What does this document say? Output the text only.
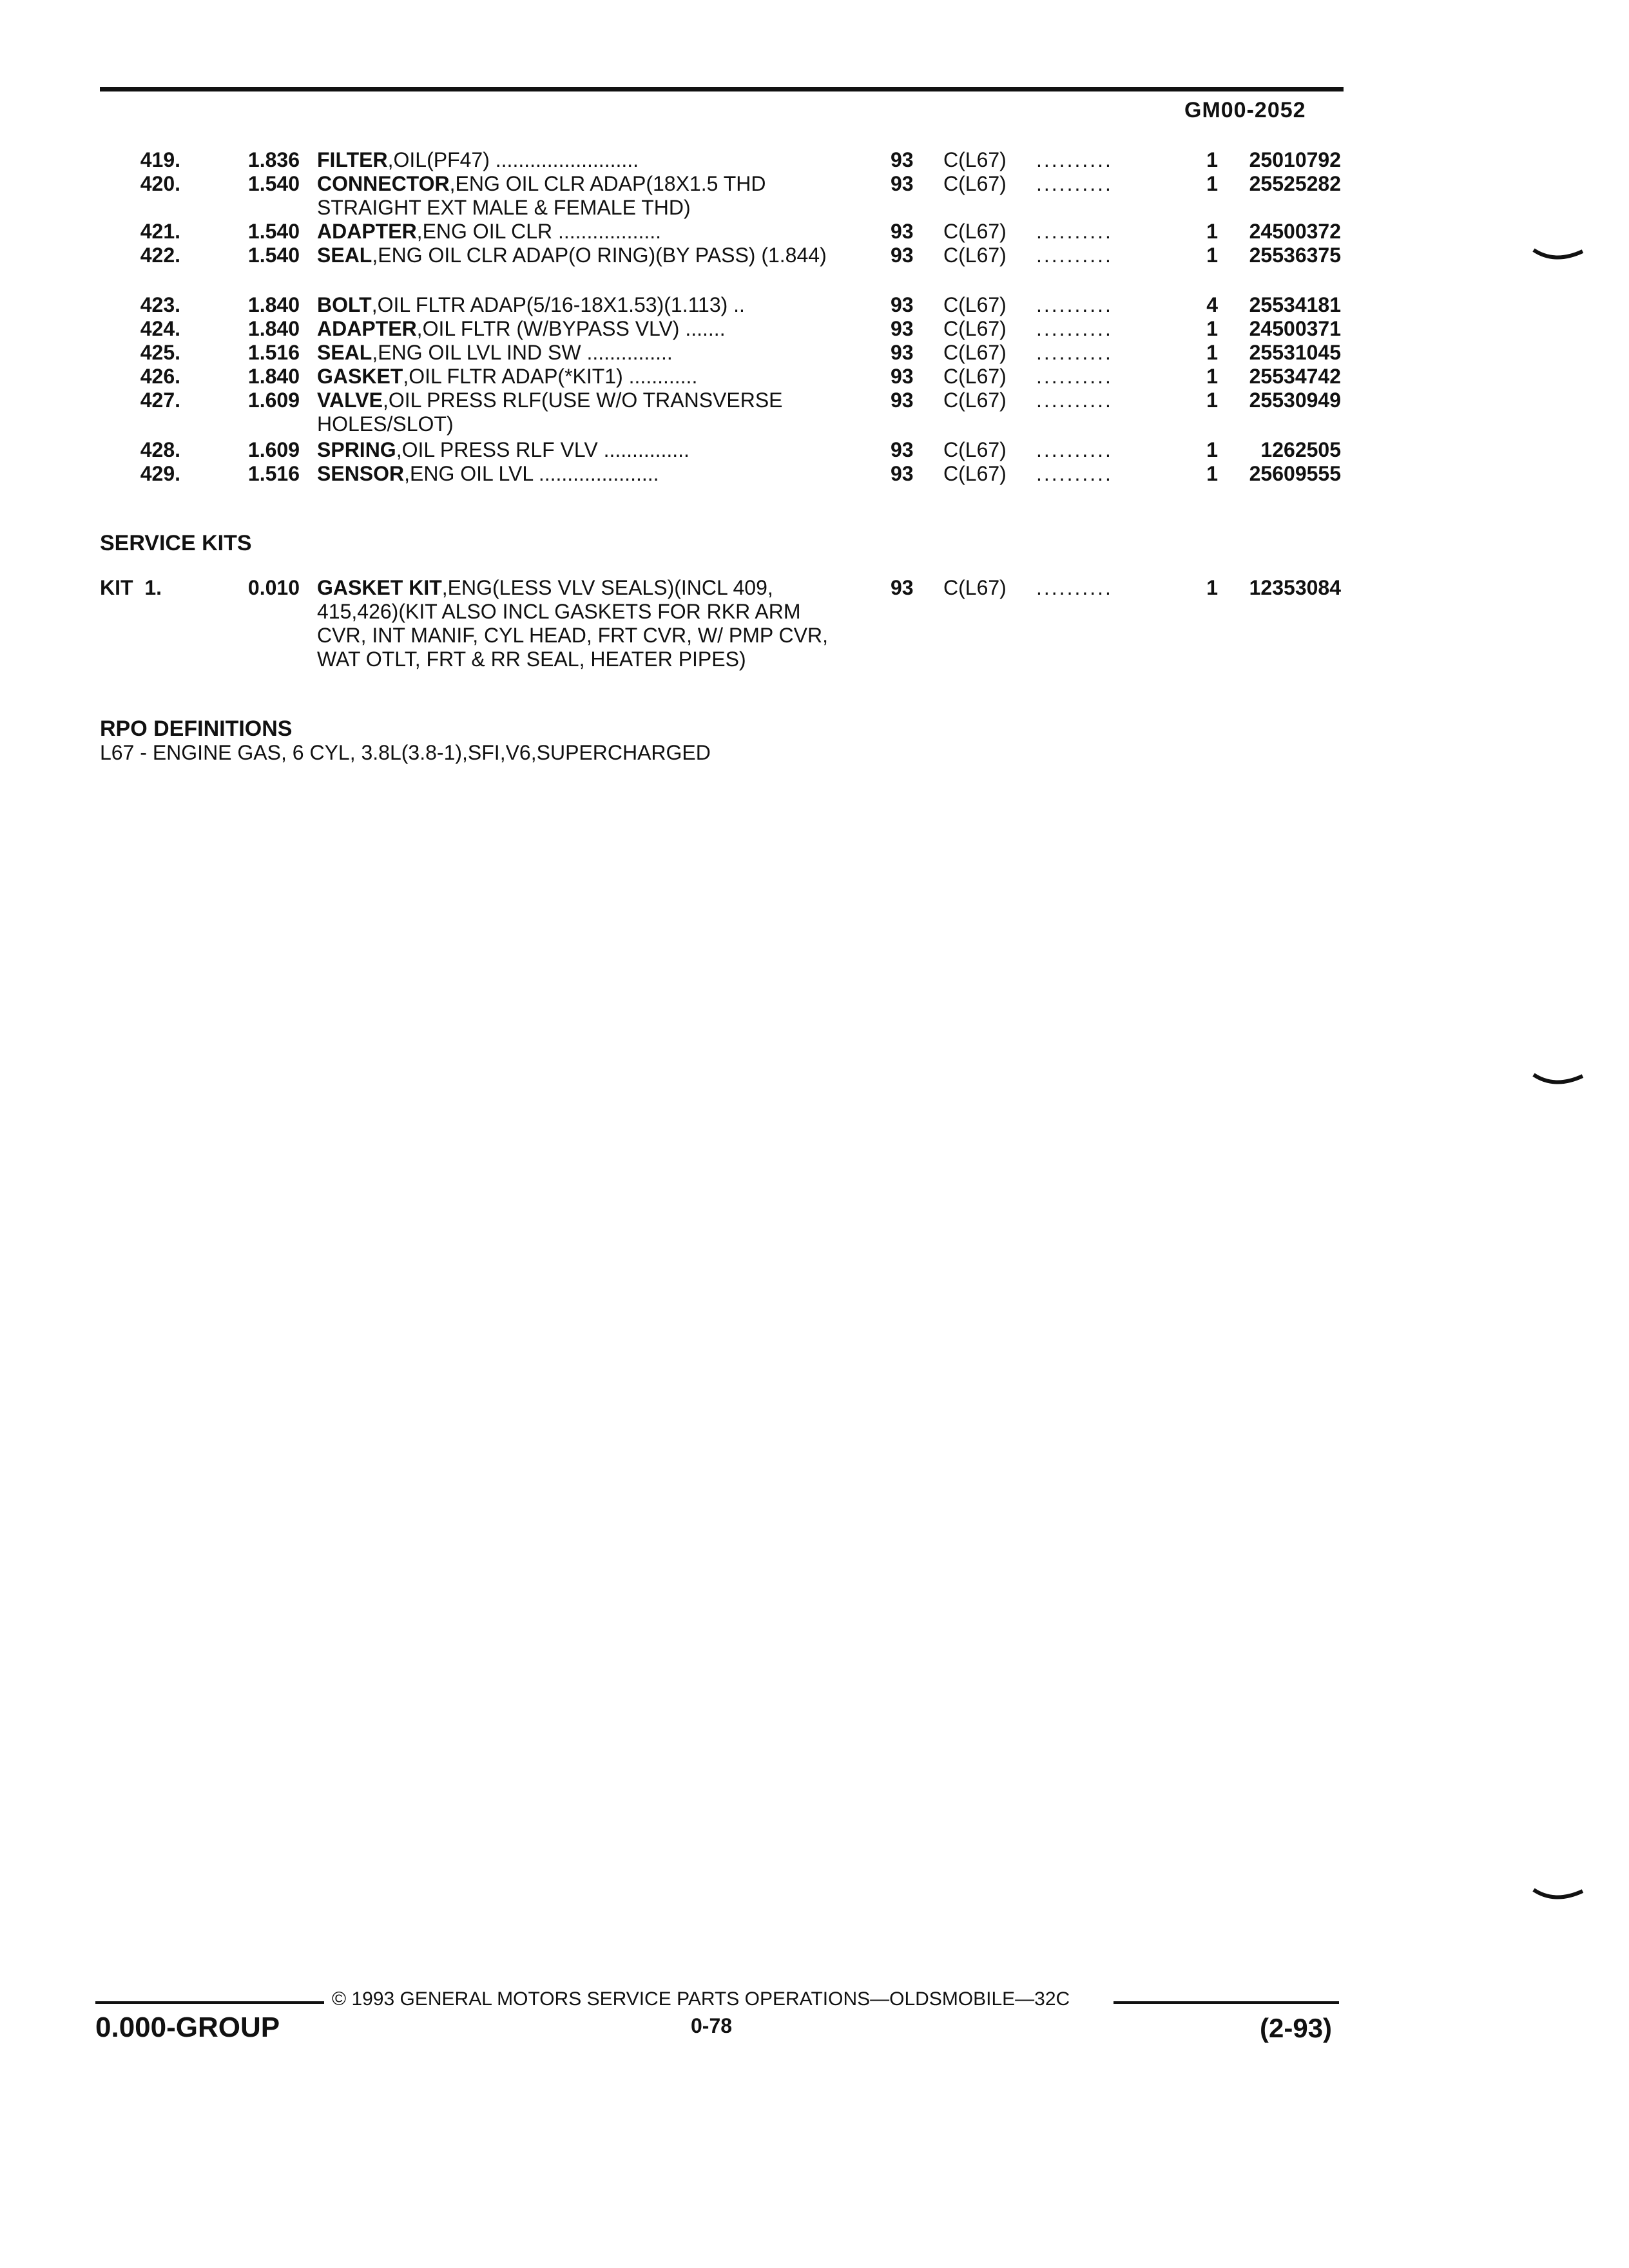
GM00-2052
419.	1.836 FILTER,OIL(PF47) .........................	93 C(L67) ..........	1	25010792
420.	1.540 CONNECTOR,ENG OIL CLR ADAP(18X1.5 THD STRAIGHT EXT MALE & FEMALE THD)
93 C(L67) ..........	1	25525282
421.	1.540 ADAPTER,ENG OIL CLR ..................	93 C(L67) ..........	1	24500372
422.	1.540 SEAL,ENG OIL CLR ADAP(O RING)(BY PASS) (1.844)	93 C(L67) ..........	1	25536375
423.	1.840 BOLT,OIL FLTR ADAP(5/16-18X1.53)(1.113) ..	93 C(L67) ..........	4	25534181
424.	1.840 ADAPTER,OIL FLTR (W/BYPASS VLV) .......	93 C(L67) ..........	1	24500371
425.	1.516 SEAL,ENG OIL LVL IND SW ...............	93 C(L67) ..........	1	25531045
426.	1.840 GASKET,OIL FLTR ADAP(*KIT1) ............	93 C(L67) ..........	1	25534742
427.	1.609 VALVE,OIL PRESS RLF(USE W/O TRANSVERSE HOLES/SLOT)
93 C(L67) ..........	1	25530949
428.	1.609 SPRING,OIL PRESS RLF VLV ...............	93 C(L67) ..........	1	1262505
429.	1.516 SENSOR,ENG OIL LVL .....................	93 C(L67) ..........	1	25609555
SERVICE KITS
KIT  1.	0.010 GASKET KIT,ENG(LESS VLV SEALS)(INCL 409, 415,426)(KIT ALSO INCL GASKETS FOR RKR ARM CVR, INT MANIF, CYL HEAD, FRT CVR, W/ PMP CVR, WAT OTLT, FRT & RR SEAL, HEATER PIPES)
93 C(L67) ..........	1	12353084
RPO DEFINITIONS
L67 - ENGINE GAS, 6 CYL, 3.8L(3.8-1),SFI,V6,SUPERCHARGED
© 1993 GENERAL MOTORS SERVICE PARTS OPERATIONS—OLDSMOBILE—32C
0.000-GROUP	0-78	(2-93)
